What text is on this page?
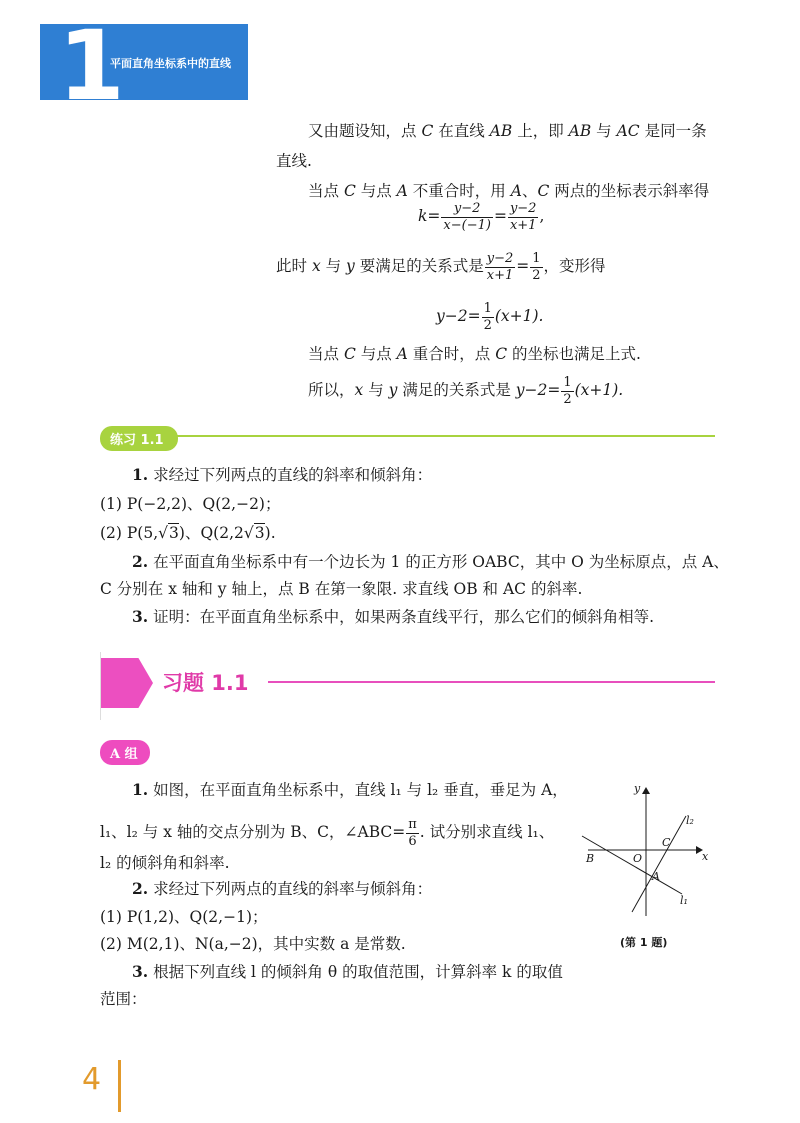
1
平面直角坐标系中的直线
又由题设知，点 C 在直线 AB 上，即 AB 与 AC 是同一条
直线.
当点 C 与点 A 不重合时，用 A、C 两点的坐标表示斜率得
$k= \frac{y-2}{x-(-1)} = \frac{y-2}{x+1}$ ,
此时 x 与 y 要满足的关系式是 $\frac{y-2}{x+1} = \frac{1}{2}$ ，变形得
$y-2= \frac{1}{2} (x+1)$.
当点 C 与点 A 重合时，点 C 的坐标也满足上式.
所以，x 与 y 满足的关系式是 $y-2= \frac{1}{2} (x+1)$.
练习 1.1
1. 求经过下列两点的直线的斜率和倾斜角：
(1) P(−2,2)、Q(2,−2)；
(2) P(5,√3)、Q(2,2√3).
2. 在平面直角坐标系中有一个边长为 1 的正方形 OABC，其中 O 为坐标原点，点 A、
C 分别在 x 轴和 y 轴上，点 B 在第一象限. 求直线 OB 和 AC 的斜率.
3. 证明：在平面直角坐标系中，如果两条直线平行，那么它们的倾斜角相等.
习题 1.1
A 组
1. 如图，在平面直角坐标系中，直线 l₁ 与 l₂ 垂直，垂足为 A，
l₁、l₂ 与 x 轴的交点分别为 B、C，∠ABC= $\frac{\pi}{6}$ . 试分别求直线 l₁、
l₂ 的倾斜角和斜率.
2. 求经过下列两点的直线的斜率与倾斜角：
(1) P(1,2)、Q(2,−1)；
(2) M(2,1)、N(a,−2)，其中实数 a 是常数.
3. 根据下列直线 l 的倾斜角 θ 的取值范围，计算斜率 k 的取值
范围：
y
x
O
B
C
A
l₁
l₂
(第 1 题)
4
